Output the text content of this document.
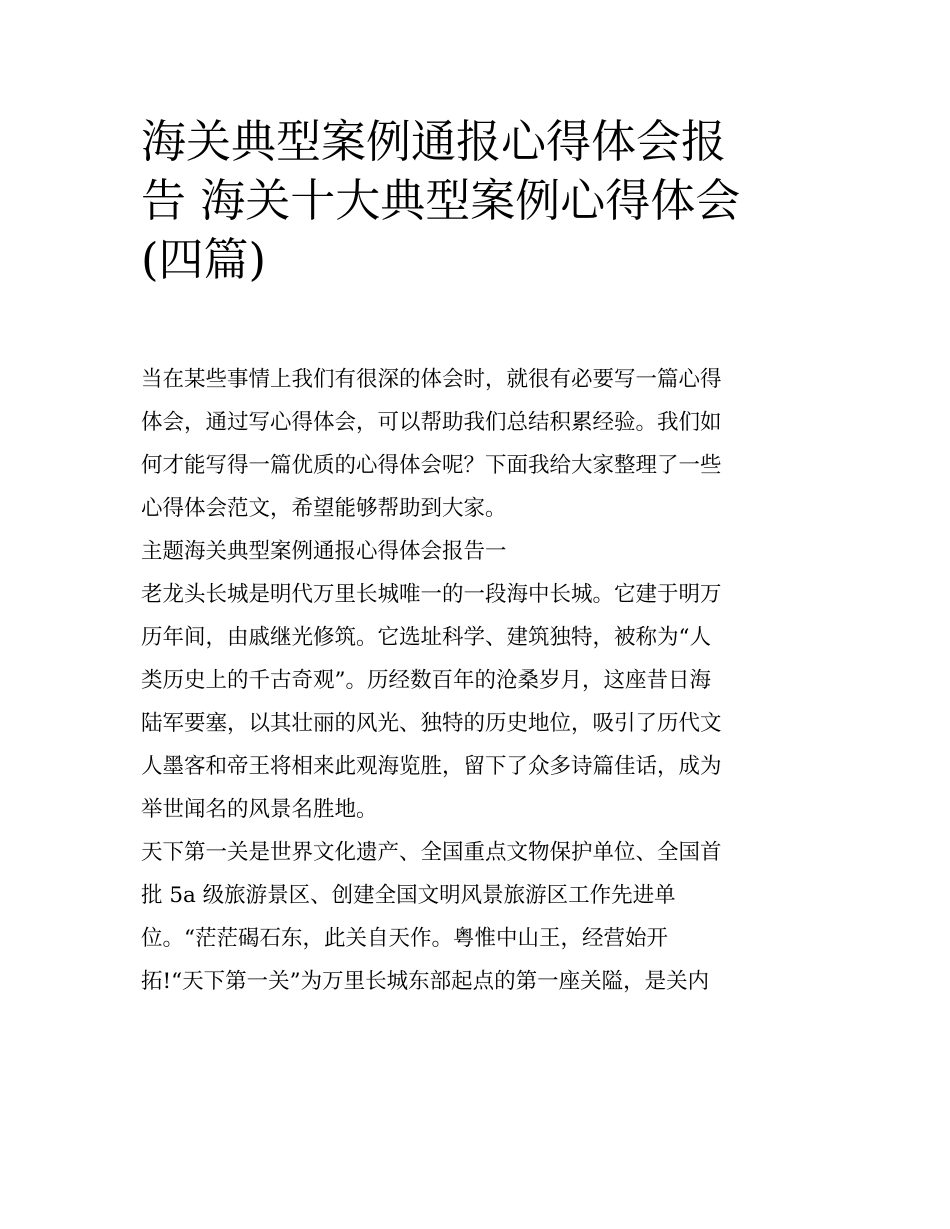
海关典型案例通报心得体会报
告 海关十大典型案例心得体会
(四篇)
当在某些事情上我们有很深的体会时，就很有必要写一篇心得
体会，通过写心得体会，可以帮助我们总结积累经验。我们如
何才能写得一篇优质的心得体会呢？下面我给大家整理了一些
心得体会范文，希望能够帮助到大家。
主题海关典型案例通报心得体会报告一
老龙头长城是明代万里长城唯一的一段海中长城。它建于明万
历年间，由戚继光修筑。它选址科学、建筑独特，被称为“人
类历史上的千古奇观”。历经数百年的沧桑岁月，这座昔日海
陆军要塞，以其壮丽的风光、独特的历史地位，吸引了历代文
人墨客和帝王将相来此观海览胜，留下了众多诗篇佳话，成为
举世闻名的风景名胜地。
天下第一关是世界文化遗产、全国重点文物保护单位、全国首
批 5a 级旅游景区、创建全国文明风景旅游区工作先进单
位。“茫茫碣石东，此关自天作。粤惟中山王，经营始开
拓!“天下第一关”为万里长城东部起点的第一座关隘，是关内
